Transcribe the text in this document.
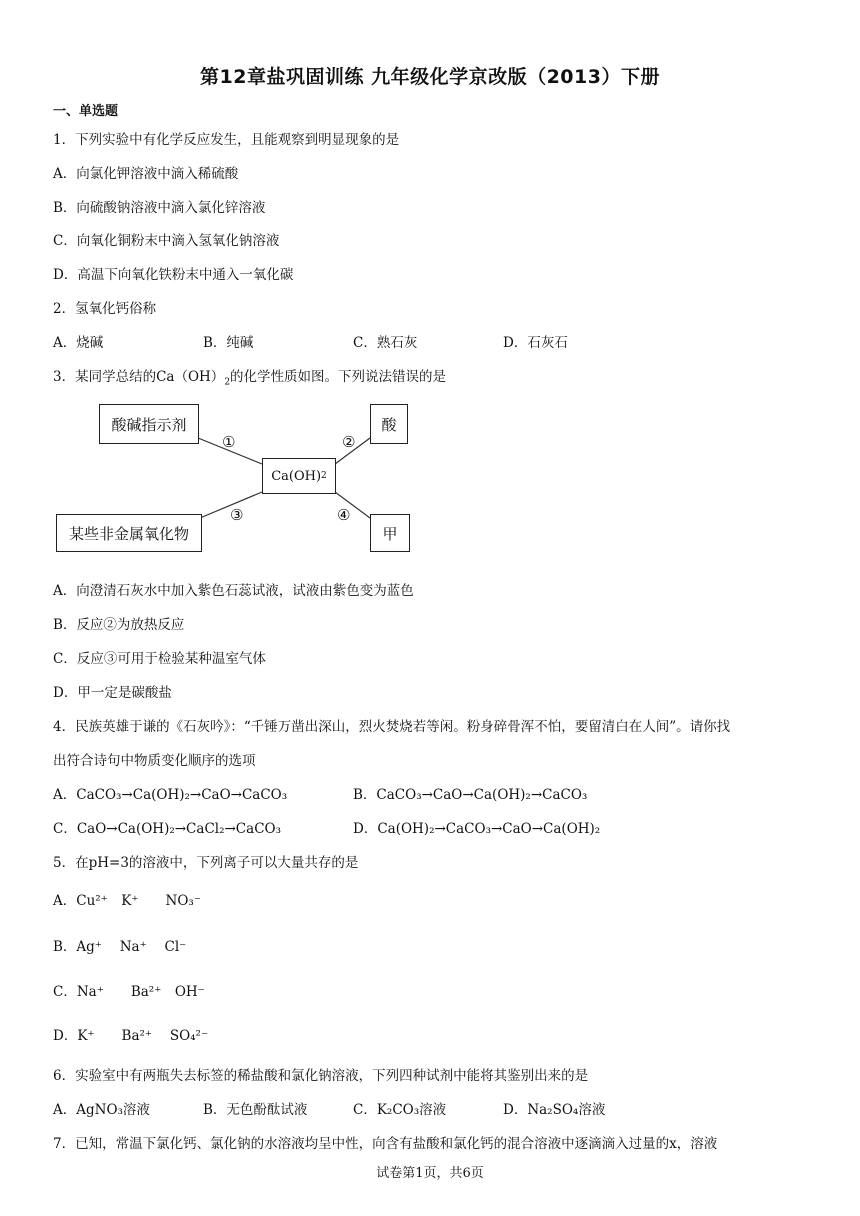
第12章盐巩固训练 九年级化学京改版（2013）下册
一、单选题
1．下列实验中有化学反应发生，且能观察到明显现象的是
A．向氯化钾溶液中滴入稀硫酸
B．向硫酸钠溶液中滴入氯化锌溶液
C．向氧化铜粉末中滴入氢氧化钠溶液
D．高温下向氧化铁粉末中通入一氧化碳
2．氢氧化钙俗称
A．烧碱	B．纯碱	C．熟石灰	D．石灰石
3．某同学总结的$Ca(OH)_2$的化学性质如图。下列说法错误的是
酸碱指示剂	酸
Ca(OH) 2
某些非金属氧化物	甲
①	②
③	④
A．向澄清石灰水中加入紫色石蕊试液，试液由紫色变为蓝色
B．反应②为放热反应
C．反应③可用于检验某种温室气体
D．甲一定是碳酸盐
4．民族英雄于谦的《石灰吟》：“千锤万凿出深山，烈火焚烧若等闲。粉身碎骨浑不怕，要留清白在人间”。请你找
出符合诗句中物质变化顺序的选项
A．CaCO₃→Ca(OH)₂→CaO→CaCO₃	B．CaCO₃→CaO→Ca(OH)₂→CaCO₃
C．CaO→Ca(OH)₂→CaCl₂→CaCO₃	D．Ca(OH)₂→CaCO₃→CaO→Ca(OH)₂
5．在pH=3的溶液中，下列离子可以大量共存的是
A．Cu²⁺　K⁺　　NO₃⁻
B．Ag⁺　 Na⁺　 Cl⁻
C．Na⁺　　Ba²⁺　OH⁻
D．K⁺　　Ba²⁺　 SO₄²⁻
6．实验室中有两瓶失去标签的稀盐酸和氯化钠溶液，下列四种试剂中能将其鉴别出来的是
A．AgNO₃溶液	B．无色酚酞试液	C．K₂CO₃溶液	D．Na₂SO₄溶液
7．已知，常温下氯化钙、氯化钠的水溶液均呈中性，向含有盐酸和氯化钙的混合溶液中逐滴滴入过量的x，溶液
试卷第1页，共6页
